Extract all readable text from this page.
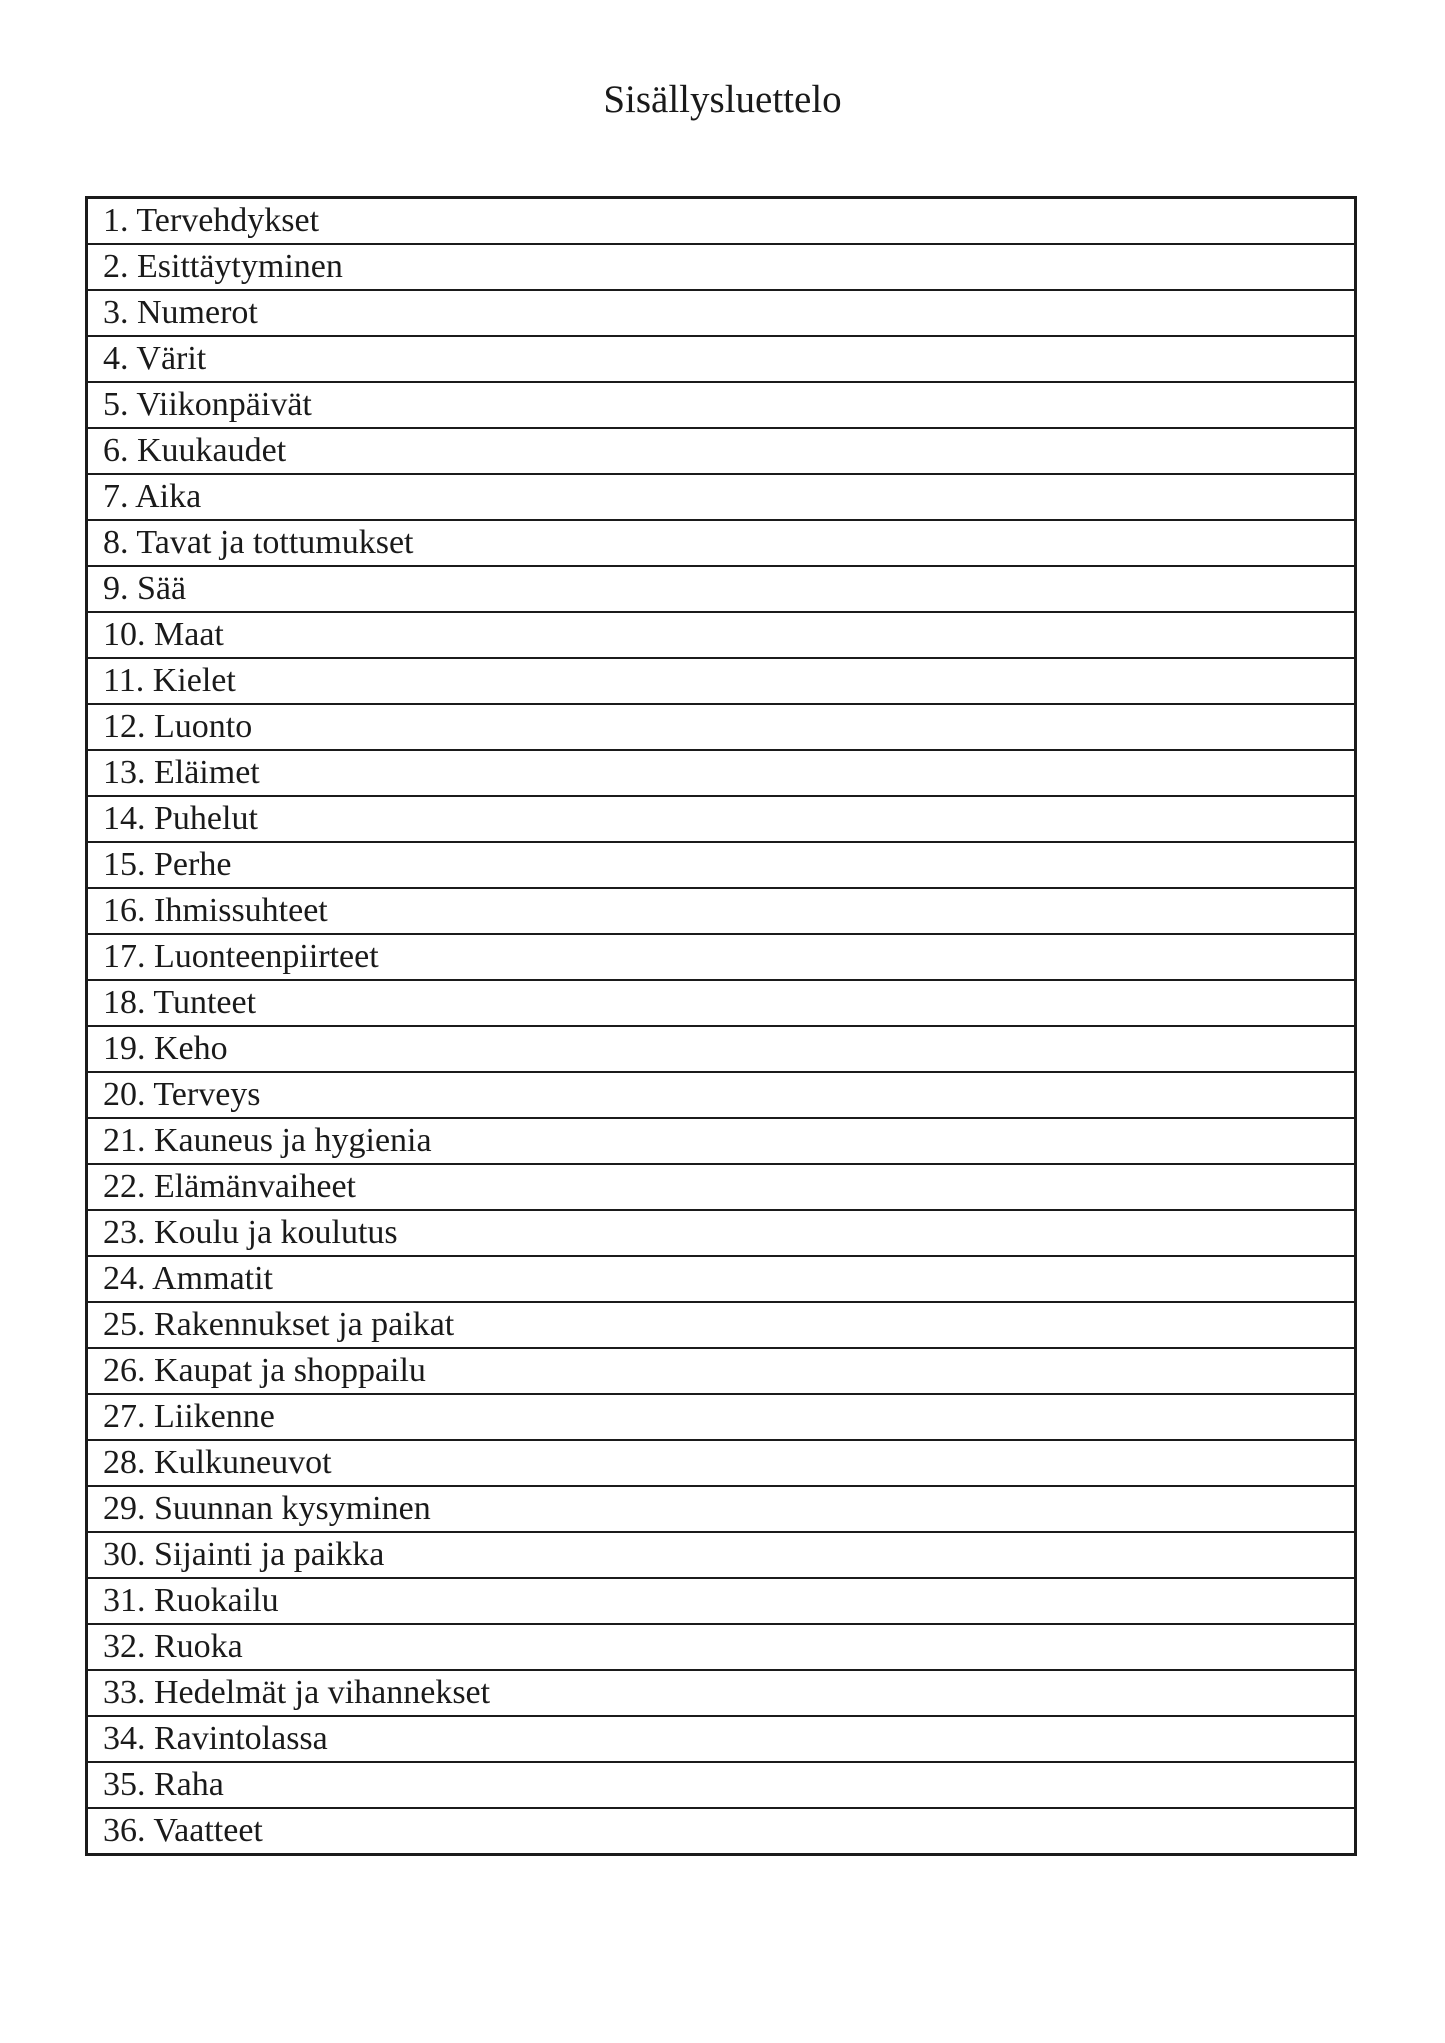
Sisällysluettelo
1. Tervehdykset
2. Esittäytyminen
3. Numerot
4. Värit
5. Viikonpäivät
6. Kuukaudet
7. Aika
8. Tavat ja tottumukset
9. Sää
10. Maat
11. Kielet
12. Luonto
13. Eläimet
14. Puhelut
15. Perhe
16. Ihmissuhteet
17. Luonteenpiirteet
18. Tunteet
19. Keho
20. Terveys
21. Kauneus ja hygienia
22. Elämänvaiheet
23. Koulu ja koulutus
24. Ammatit
25. Rakennukset ja paikat
26. Kaupat ja shoppailu
27. Liikenne
28. Kulkuneuvot
29. Suunnan kysyminen
30. Sijainti ja paikka
31. Ruokailu
32. Ruoka
33. Hedelmät ja vihannekset
34. Ravintolassa
35. Raha
36. Vaatteet
